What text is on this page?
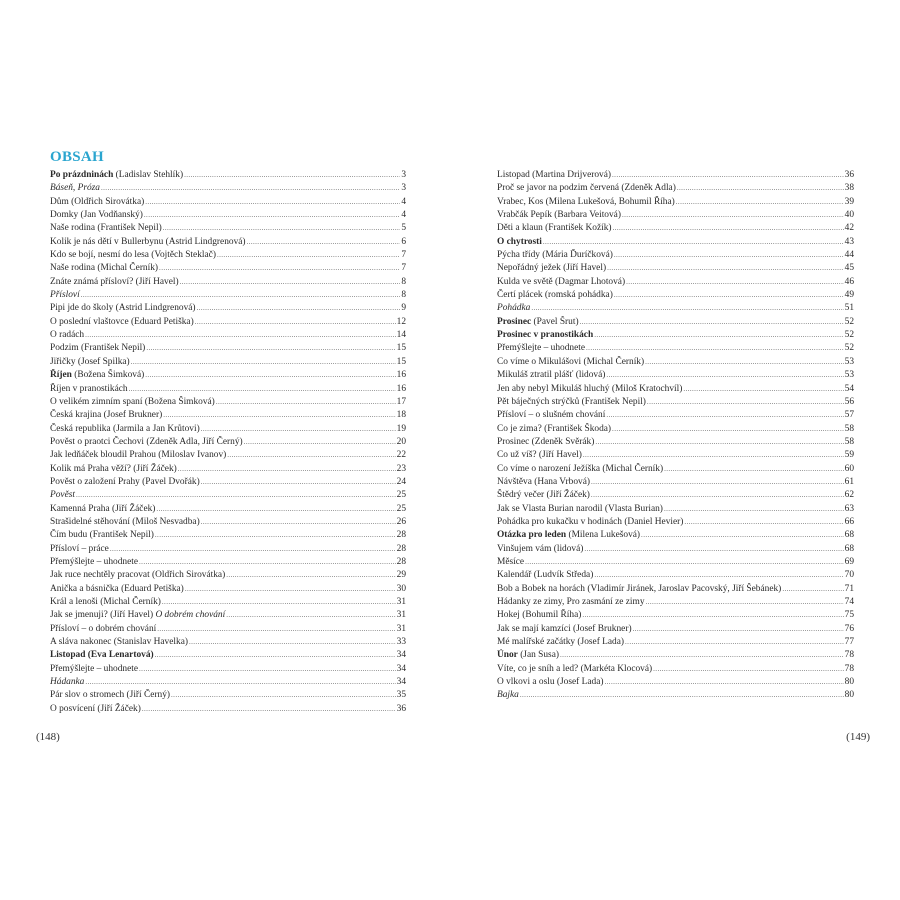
OBSAH
Po prázdninách (Ladislav Stehlík) .....	3
Báseň, Próza .....	3
Dům (Oldřich Sirovátka) .....	4
Domky (Jan Vodňanský) .....	4
Naše rodina (František Nepil) .....	5
Kolik je nás dětí v Bullerbynu (Astrid Lindgrenová) .....	6
Kdo se bojí, nesmí do lesa (Vojtěch Steklač) .....	7
Naše rodina (Michal Černík) .....	7
Znáte známá přísloví? (Jiří Havel) .....	8
Přísloví .....	8
Pipi jde do školy (Astrid Lindgrenová) .....	9
O poslední vlaštovce (Eduard Petiška) .....	12
O radách .....	14
Podzim (František Nepil) .....	15
Jiřičky (Josef Spilka) .....	15
Říjen (Božena Šimková) .....	16
Říjen v pranostikách .....	16
O velikém zimním spaní (Božena Šimková) .....	17
Česká krajina (Josef Brukner) .....	18
Česká republika (Jarmila a Jan Krůtovi) .....	19
Pověst o praotci Čechovi (Zdeněk Adla, Jiří Černý) .....	20
Jak ledňáček bloudil Prahou (Miloslav Ivanov) .....	22
Kolik má Praha věží? (Jiří Žáček) .....	23
Pověst o založení Prahy (Pavel Dvořák) .....	24
Pověst .....	25
Kamenná Praha (Jiří Žáček) .....	25
Strašidelné stěhování (Miloš Nesvadba) .....	26
Čím budu (František Nepil) .....	28
Přísloví – práce .....	28
Přemýšlejte – uhodnete .....	28
Jak ruce nechtěly pracovat (Oldřich Sirovátka) .....	29
Anička a básnička (Eduard Petiška) .....	30
Král a lenoši (Michal Černík) .....	31
Jak se jmenuji? (Jiří Havel) O dobrém chování .....	31
Přísloví – o dobrém chování .....	31
A sláva nakonec (Stanislav Havelka) .....	33
Listopad (Eva Lenartová) .....	34
Přemýšlejte – uhodnete .....	34
Hádanka .....	34
Pár slov o stromech (Jiří Černý) .....	35
O posvícení (Jiří Žáček) .....	36
(148)
Listopad (Martina Drijverová) .....	36
Proč se javor na podzim červená (Zdeněk Adla) .....	38
Vrabec, Kos (Milena Lukešová, Bohumil Říha) .....	39
Vrabčák Pepík (Barbara Veitová) .....	40
Děti a klaun (František Kožík) .....	42
O chytrosti .....	43
Pýcha třídy (Mária Ďuríčková) .....	44
Nepořádný ježek (Jiří Havel) .....	45
Kulda ve světě (Dagmar Lhotová) .....	46
Čertí plácek (romská pohádka) .....	49
Pohádka .....	51
Prosinec (Pavel Šrut) .....	52
Prosinec v pranostikách .....	52
Přemýšlejte – uhodnete .....	52
Co víme o Mikulášovi (Michal Černík) .....	53
Mikuláš ztratil plášť (lidová) .....	53
Jen aby nebyl Mikuláš hluchý (Miloš Kratochvíl) .....	54
Pět báječných strýčků (František Nepil) .....	56
Přísloví – o slušném chování .....	57
Co je zima? (František Škoda) .....	58
Prosinec (Zdeněk Svěrák) .....	58
Co už víš? (Jiří Havel) .....	59
Co víme o narození Ježíška (Michal Černík) .....	60
Návštěva (Hana Vrbová) .....	61
Štědrý večer (Jiří Žáček) .....	62
Jak se Vlasta Burian narodil (Vlasta Burian) .....	63
Pohádka pro kukačku v hodinách (Daniel Hevier) .....	66
Otázka pro leden (Milena Lukešová) .....	68
Vinšujem vám (lidová) .....	68
Měsíce .....	69
Kalendář (Ludvík Středa) .....	70
Bob a Bobek na horách (Vladimír Jiránek, Jaroslav Pacovský, Jiří Šebánek) .....	71
Hádanky ze zimy, Pro zasmání ze zimy .....	74
Hokej (Bohumil Říha) .....	75
Jak se mají kamzíci (Josef Brukner) .....	76
Mé malířské začátky (Josef Lada) .....	77
Únor (Jan Susa) .....	78
Víte, co je sníh a led? (Markéta Klocová) .....	78
O vlkovi a oslu (Josef Lada) .....	80
Bajka .....	80
(149)
